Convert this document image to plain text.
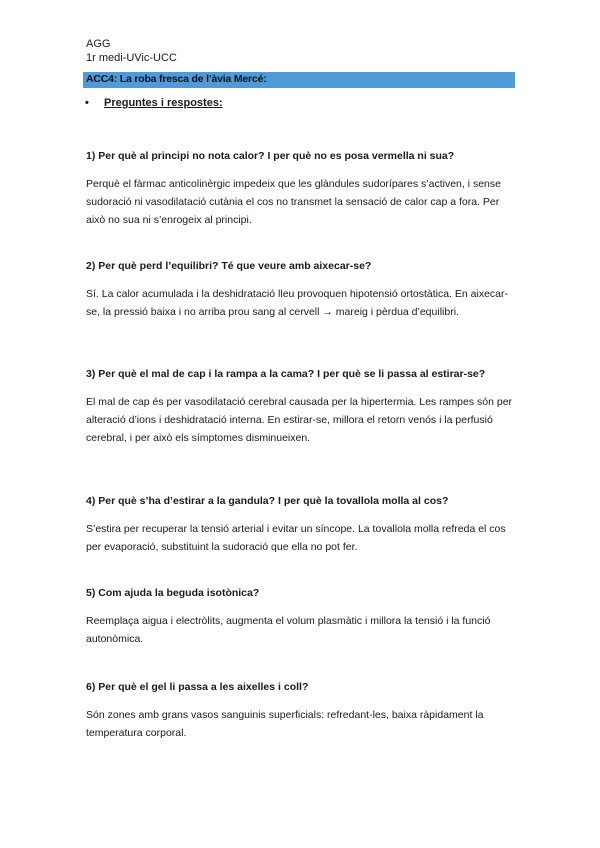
AGG
1r medi-UVic-UCC
ACC4: La roba fresca de l’àvia Mercé:
• Preguntes i respostes:

1) Per què al principi no nota calor? I per què no es posa vermella ni sua?

Perquè el fàrmac anticolinèrgic impedeix que les glàndules sudorípares s’activen, i sense sudoració ni vasodilatació cutània el cos no transmet la sensació de calor cap a fora. Per això no sua ni s’enrogeix al principi.

2) Per què perd l’equilibri? Té que veure amb aixecar-se?

Sí. La calor acumulada i la deshidratació lleu provoquen hipotensió ortostàtica. En aixecar-se, la pressió baixa i no arriba prou sang al cervell → mareig i pèrdua d’equilibri.

3) Per què el mal de cap i la rampa a la cama? I per què se li passa al estirar-se?

El mal de cap és per vasodilatació cerebral causada per la hipertermia. Les rampes són per alteració d’ions i deshidratació interna. En estirar-se, millora el retorn venós i la perfusió cerebral, i per això els símptomes disminueixen.

4) Per què s’ha d’estirar a la gandula? I per què la tovallola molla al cos?

S’estira per recuperar la tensió arterial i evitar un síncope. La tovallola molla refreda el cos per evaporació, substituint la sudoració que ella no pot fer.

5) Com ajuda la beguda isotònica?

Reemplaça aigua i electròlits, augmenta el volum plasmàtic i millora la tensió i la funció autonòmica.

6) Per què el gel li passa a les aixelles i coll?

Són zones amb grans vasos sanguinis superficials: refredant-les, baixa ràpidament la temperatura corporal.
